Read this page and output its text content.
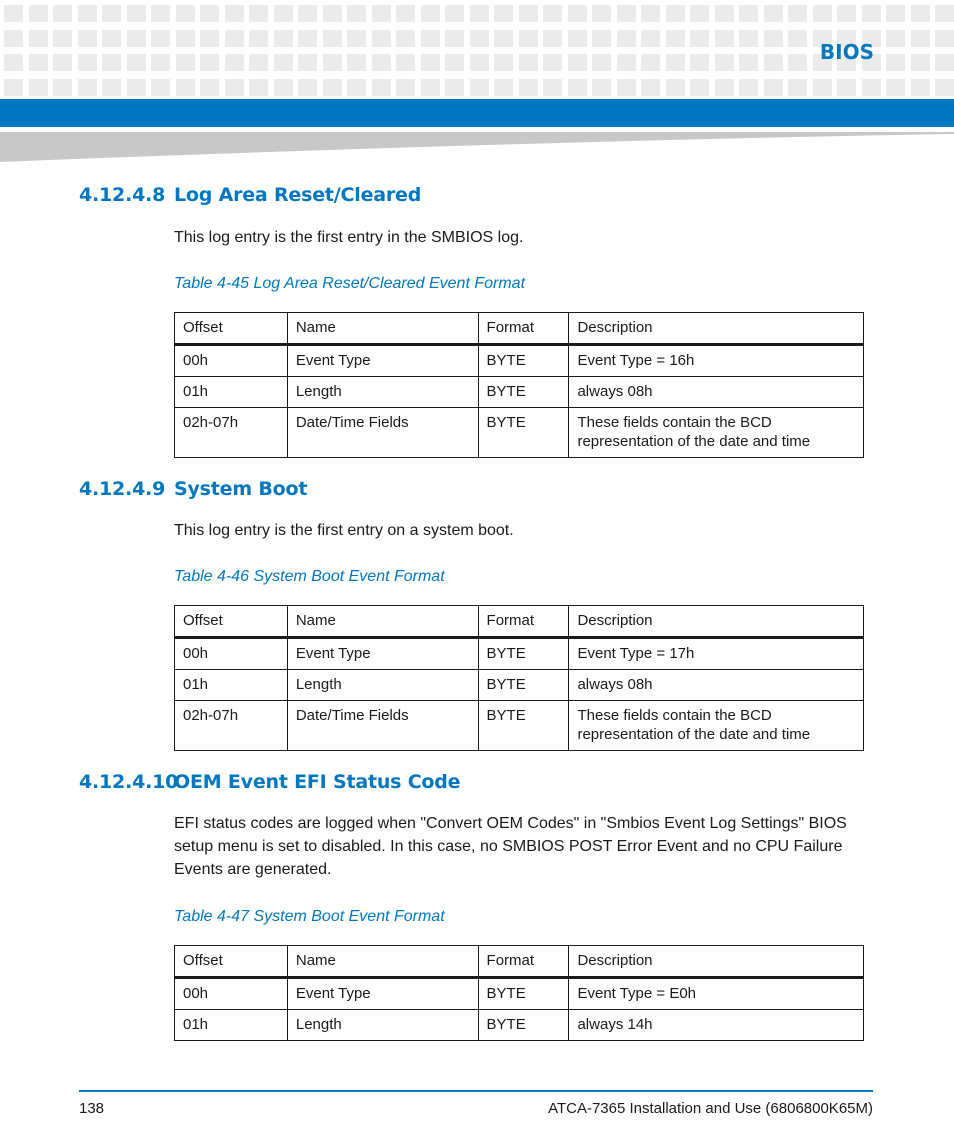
BIOS
4.12.4.8 Log Area Reset/Cleared

This log entry is the first entry in the SMBIOS log.

Table 4-45 Log Area Reset/Cleared Event Format
Offset	Name	Format	Description
00h	Event Type	BYTE	Event Type = 16h
01h	Length	BYTE	always 08h
02h-07h	Date/Time Fields	BYTE	These fields contain the BCD representation of the date and time
4.12.4.9 System Boot

This log entry is the first entry on a system boot.

Table 4-46 System Boot Event Format
Offset	Name	Format	Description
00h	Event Type	BYTE	Event Type = 17h
01h	Length	BYTE	always 08h
02h-07h	Date/Time Fields	BYTE	These fields contain the BCD representation of the date and time
4.12.4.10OEM Event EFI Status Code

EFI status codes are logged when "Convert OEM Codes" in "Smbios Event Log Settings" BIOS setup menu is set to disabled. In this case, no SMBIOS POST Error Event and no CPU Failure Events are generated.

Table 4-47 System Boot Event Format
Offset	Name	Format	Description
00h	Event Type	BYTE	Event Type = E0h
01h	Length	BYTE	always 14h
138	ATCA-7365 Installation and Use (6806800K65M)
